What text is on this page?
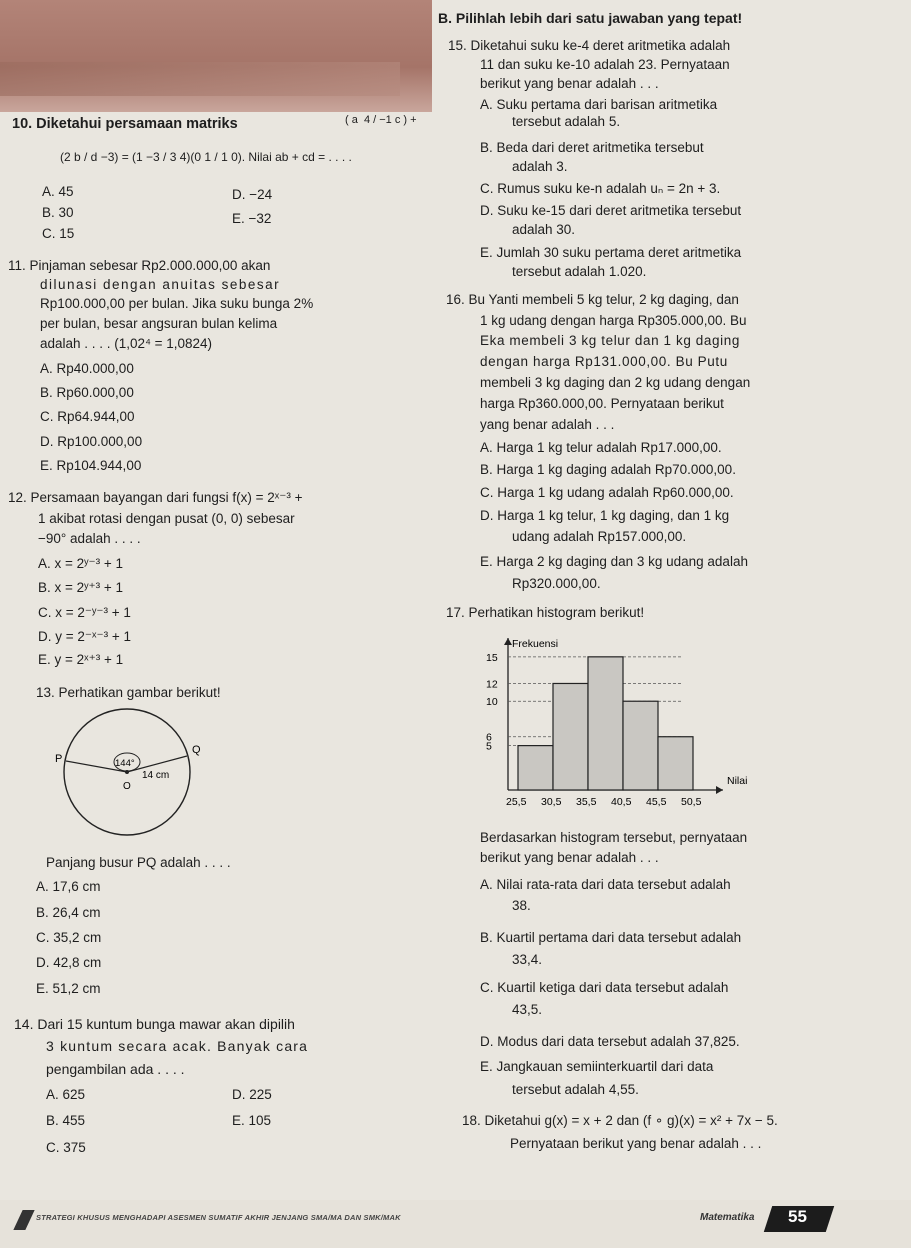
B. Pilihlah lebih dari satu jawaban yang tepat!
10. Diketahui persamaan matriks	( a  4 / −1 c ) +
(2 b / d −3) = (1 −3 / 3 4)(0 1 / 1 0). Nilai ab + cd = . . . .
A. 45
B. 30
C. 15
D. −24
E. −32
11. Pinjaman sebesar Rp2.000.000,00 akan
dilunasi dengan anuitas sebesar
Rp100.000,00 per bulan. Jika suku bunga 2%
per bulan, besar angsuran bulan kelima
adalah . . . . (1,02⁴ = 1,0824)
A. Rp40.000,00
B. Rp60.000,00
C. Rp64.944,00
D. Rp100.000,00
E. Rp104.944,00
12. Persamaan bayangan dari fungsi f(x) = 2ˣ⁻³ +
1 akibat rotasi dengan pusat (0, 0) sebesar
−90° adalah . . . .
A. x = 2ʸ⁻³ + 1
B. x = 2ʸ⁺³ + 1
C. x = 2⁻ʸ⁻³ + 1
D. y = 2⁻ˣ⁻³ + 1
E. y = 2ˣ⁺³ + 1
13. Perhatikan gambar berikut!
P
Q
O
144°
14 cm
Panjang busur PQ adalah . . . .
A. 17,6 cm
B. 26,4 cm
C. 35,2 cm
D. 42,8 cm
E. 51,2 cm
14. Dari 15 kuntum bunga mawar akan dipilih
3 kuntum secara acak. Banyak cara
pengambilan ada . . . .
A. 625
B. 455
C. 375
D. 225
E. 105
15. Diketahui suku ke-4 deret aritmetika adalah
11 dan suku ke-10 adalah 23. Pernyataan
berikut yang benar adalah . . .
A. Suku pertama dari barisan aritmetika
tersebut adalah 5.
B. Beda dari deret aritmetika tersebut
adalah 3.
C. Rumus suku ke-n adalah uₙ = 2n + 3.
D. Suku ke-15 dari deret aritmetika tersebut
adalah 30.
E. Jumlah 30 suku pertama deret aritmetika
tersebut adalah 1.020.
16. Bu Yanti membeli 5 kg telur, 2 kg daging, dan
1 kg udang dengan harga Rp305.000,00. Bu
Eka membeli 3 kg telur dan 1 kg daging
dengan harga Rp131.000,00. Bu Putu
membeli 3 kg daging dan 2 kg udang dengan
harga Rp360.000,00. Pernyataan berikut
yang benar adalah . . .
A. Harga 1 kg telur adalah Rp17.000,00.
B. Harga 1 kg daging adalah Rp70.000,00.
C. Harga 1 kg udang adalah Rp60.000,00.
D. Harga 1 kg telur, 1 kg daging, dan 1 kg
udang adalah Rp157.000,00.
E. Harga 2 kg daging dan 3 kg udang adalah
Rp320.000,00.
17. Perhatikan histogram berikut!
Frekuensi
Nilai
5
6
10
12
15
25,5 30,5 35,5 40,5 45,5 50,5
Berdasarkan histogram tersebut, pernyataan
berikut yang benar adalah . . .
A. Nilai rata-rata dari data tersebut adalah
38.
B. Kuartil pertama dari data tersebut adalah
33,4.
C. Kuartil ketiga dari data tersebut adalah
43,5.
D. Modus dari data tersebut adalah 37,825.
E. Jangkauan semiinterkuartil dari data
tersebut adalah 4,55.
18. Diketahui g(x) = x + 2 dan (f ∘ g)(x) = x² + 7x − 5.
Pernyataan berikut yang benar adalah . . .
STRATEGI KHUSUS MENGHADAPI ASESMEN SUMATIF AKHIR JENJANG SMA/MA DAN SMK/MAK	Matematika 55
